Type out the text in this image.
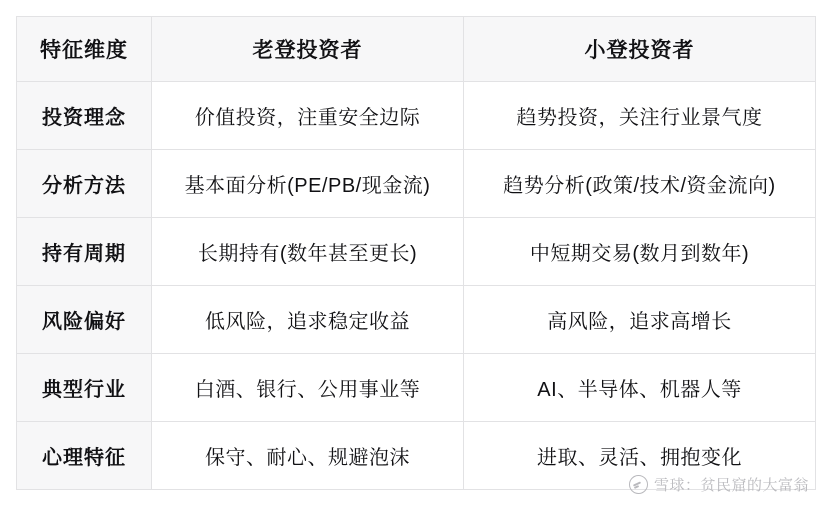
特征维度	老登投资者	小登投资者
投资理念	价值投资，注重安全边际	趋势投资，关注行业景气度
分析方法	基本面分析(PE/PB/现金流)	趋势分析(政策/技术/资金流向)
持有周期	长期持有(数年甚至更长)	中短期交易(数月到数年)
风险偏好	低风险，追求稳定收益	高风险，追求高增长
典型行业	白酒、银行、公用事业等	AI、半导体、机器人等
心理特征	保守、耐心、规避泡沫	进取、灵活、拥抱变化
雪球：贫民窟的大富翁
